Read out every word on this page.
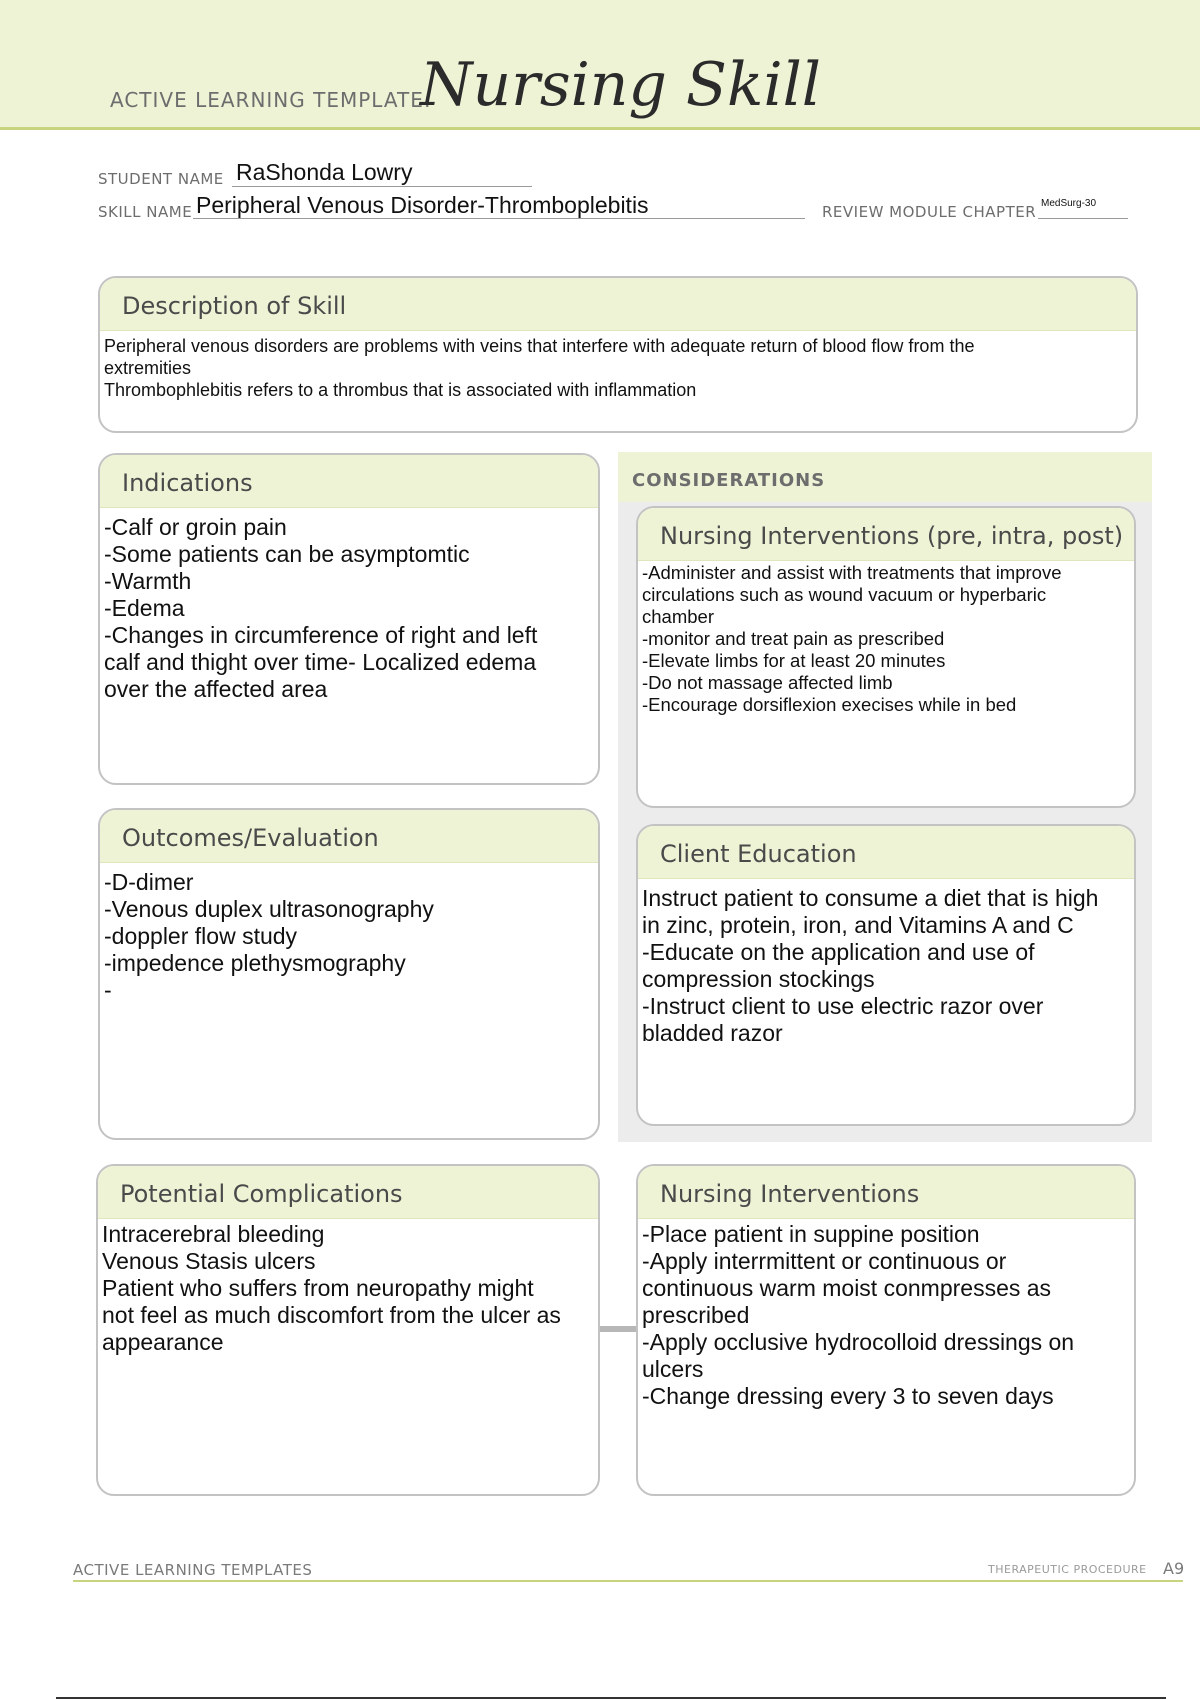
ACTIVE LEARNING TEMPLATE:
Nursing Skill
STUDENT NAME RaShonda Lowry
SKILL NAME Peripheral Venous Disorder-Thromboplebitis	REVIEW MODULE CHAPTER MedSurg-30
Description of Skill
Peripheral venous disorders are problems with veins that interfere with adequate return of blood flow from the
extremities
Thrombophlebitis refers to a thrombus that is associated with inflammation
CONSIDERATIONS
Indications
-Calf or groin pain
-Some patients can be asymptomtic
-Warmth
-Edema
-Changes in circumference of right and left
calf and thight over time- Localized edema
over the affected area
Nursing Interventions (pre, intra, post)
-Administer and assist with treatments that improve
circulations such as wound vacuum or hyperbaric
chamber
-monitor and treat pain as prescribed
-Elevate limbs for at least 20 minutes
-Do not massage affected limb
-Encourage dorsiflexion execises while in bed
Outcomes/Evaluation
-D-dimer
-Venous duplex ultrasonography
-doppler flow study
-impedence plethysmography
-
Client Education
Instruct patient to consume a diet that is high
in zinc, protein, iron, and Vitamins A and C
-Educate on the application and use of
compression stockings
-Instruct client to use electric razor over
bladded razor
Potential Complications
Intracerebral bleeding
Venous Stasis ulcers
Patient who suffers from neuropathy might
not feel as much discomfort from the ulcer as
appearance
Nursing Interventions
-Place patient in suppine position
-Apply interrmittent or continuous or
continuous warm moist conmpresses as
prescribed
-Apply occlusive hydrocolloid dressings on
ulcers
-Change dressing every 3 to seven days
ACTIVE LEARNING TEMPLATES	THERAPEUTIC PROCEDURE A9
